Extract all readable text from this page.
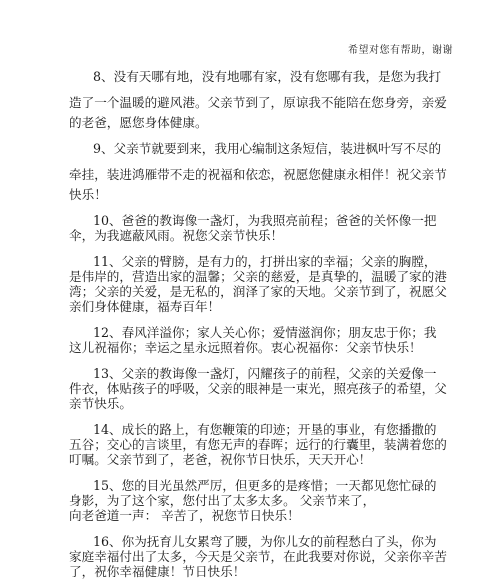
希望对您有帮助，谢谢
8、没有天哪有地，没有地哪有家，没有您哪有我，是您为我打
造了一个温暖的避风港。父亲节到了，原谅我不能陪在您身旁，亲爱
的老爸，愿您身体健康。
9、父亲节就要到来，我用心编制这条短信，装进枫叶写不尽的
牵挂，装进鸿雁带不走的祝福和依恋，祝愿您健康永相伴！祝父亲节
快乐！
10、爸爸的教诲像一盏灯，为我照亮前程；爸爸的关怀像一把
伞，为我遮蔽风雨。祝您父亲节快乐！
11、父亲的臂膀，是有力的，打拼出家的幸福；父亲的胸膛，
是伟岸的，营造出家的温馨；父亲的慈爱，是真挚的，温暖了家的港
湾；父亲的关爱，是无私的，润泽了家的天地。父亲节到了，祝愿父
亲们身体健康，福寿百年！
12、春风洋溢你；家人关心你；爱情滋润你；朋友忠于你；我
这儿祝福你；幸运之星永远照着你。衷心祝福你：父亲节快乐！
13、父亲的教诲像一盏灯，闪耀孩子的前程，父亲的关爱像一
件衣，体贴孩子的呼吸，父亲的眼神是一束光，照亮孩子的希望，父
亲节快乐。
14、成长的路上，有您鞭策的印迹；开垦的事业，有您播撒的
五谷；交心的言谈里，有您无声的春晖；远行的行囊里，装满着您的
叮嘱。父亲节到了，老爸，祝你节日快乐，天天开心！
15、您的目光虽然严厉，但更多的是疼惜；一天都见您忙碌的
身影，为了这个家，您付出了太多太多。 父亲节来了，
向老爸道一声： 辛苦了，祝您节日快乐！
16、你为抚育儿女累弯了腰，为你儿女的前程愁白了头，你为
家庭幸福付出了太多，今天是父亲节，在此我要对你说，父亲你辛苦
了，祝你幸福健康！节日快乐！
